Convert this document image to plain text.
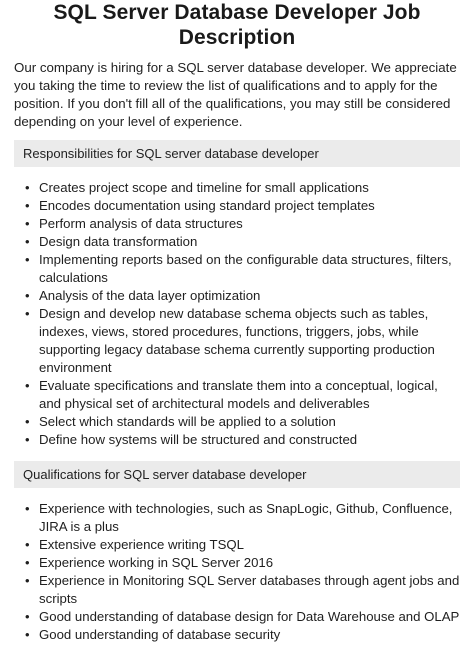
SQL Server Database Developer Job Description

Our company is hiring for a SQL server database developer. We appreciate you taking the time to review the list of qualifications and to apply for the position. If you don't fill all of the qualifications, you may still be considered depending on your level of experience.

Responsibilities for SQL server database developer
• Creates project scope and timeline for small applications
• Encodes documentation using standard project templates
• Perform analysis of data structures
• Design data transformation
• Implementing reports based on the configurable data structures, filters, calculations
• Analysis of the data layer optimization
• Design and develop new database schema objects such as tables, indexes, views, stored procedures, functions, triggers, jobs, while supporting legacy database schema currently supporting production environment
• Evaluate specifications and translate them into a conceptual, logical, and physical set of architectural models and deliverables
• Select which standards will be applied to a solution
• Define how systems will be structured and constructed
Qualifications for SQL server database developer
• Experience with technologies, such as SnapLogic, Github, Confluence, JIRA is a plus
• Extensive experience writing TSQL
• Experience working in SQL Server 2016
• Experience in Monitoring SQL Server databases through agent jobs and scripts
• Good understanding of database design for Data Warehouse and OLAP
• Good understanding of database security
